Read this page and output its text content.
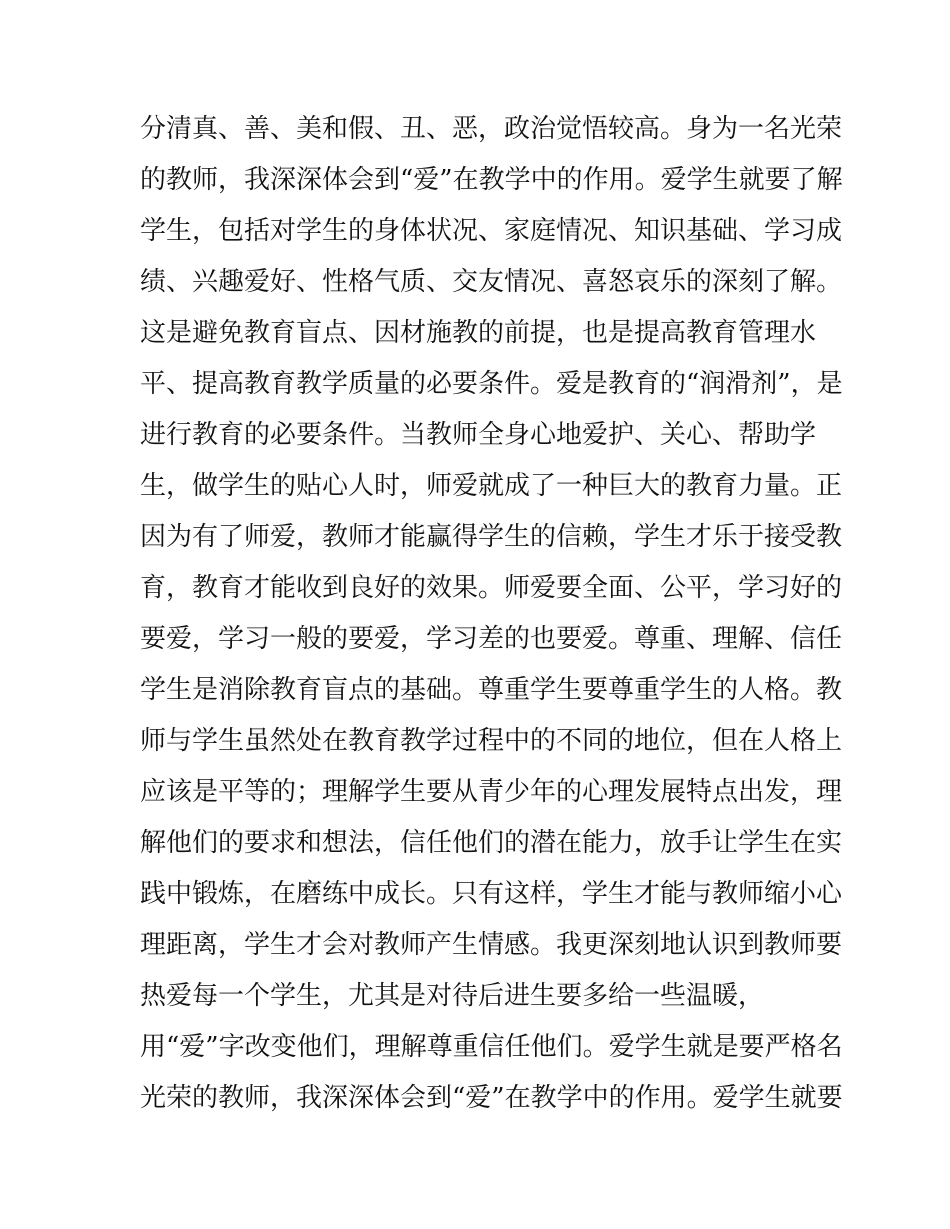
分清真、善、美和假、丑、恶，政治觉悟较高。身为一名光荣
的教师，我深深体会到“爱”在教学中的作用。爱学生就要了解
学生，包括对学生的身体状况、家庭情况、知识基础、学习成
绩、兴趣爱好、性格气质、交友情况、喜怒哀乐的深刻了解。
这是避免教育盲点、因材施教的前提，也是提高教育管理水
平、提高教育教学质量的必要条件。爱是教育的“润滑剂”，是
进行教育的必要条件。当教师全身心地爱护、关心、帮助学
生，做学生的贴心人时，师爱就成了一种巨大的教育力量。正
因为有了师爱，教师才能赢得学生的信赖，学生才乐于接受教
育，教育才能收到良好的效果。师爱要全面、公平，学习好的
要爱，学习一般的要爱，学习差的也要爱。尊重、理解、信任
学生是消除教育盲点的基础。尊重学生要尊重学生的人格。教
师与学生虽然处在教育教学过程中的不同的地位，但在人格上
应该是平等的；理解学生要从青少年的心理发展特点出发，理
解他们的要求和想法，信任他们的潜在能力，放手让学生在实
践中锻炼，在磨练中成长。只有这样，学生才能与教师缩小心
理距离，学生才会对教师产生情感。我更深刻地认识到教师要
热爱每一个学生，尤其是对待后进生要多给一些温暖，
用“爱”字改变他们，理解尊重信任他们。爱学生就是要严格名
光荣的教师，我深深体会到“爱”在教学中的作用。爱学生就要
